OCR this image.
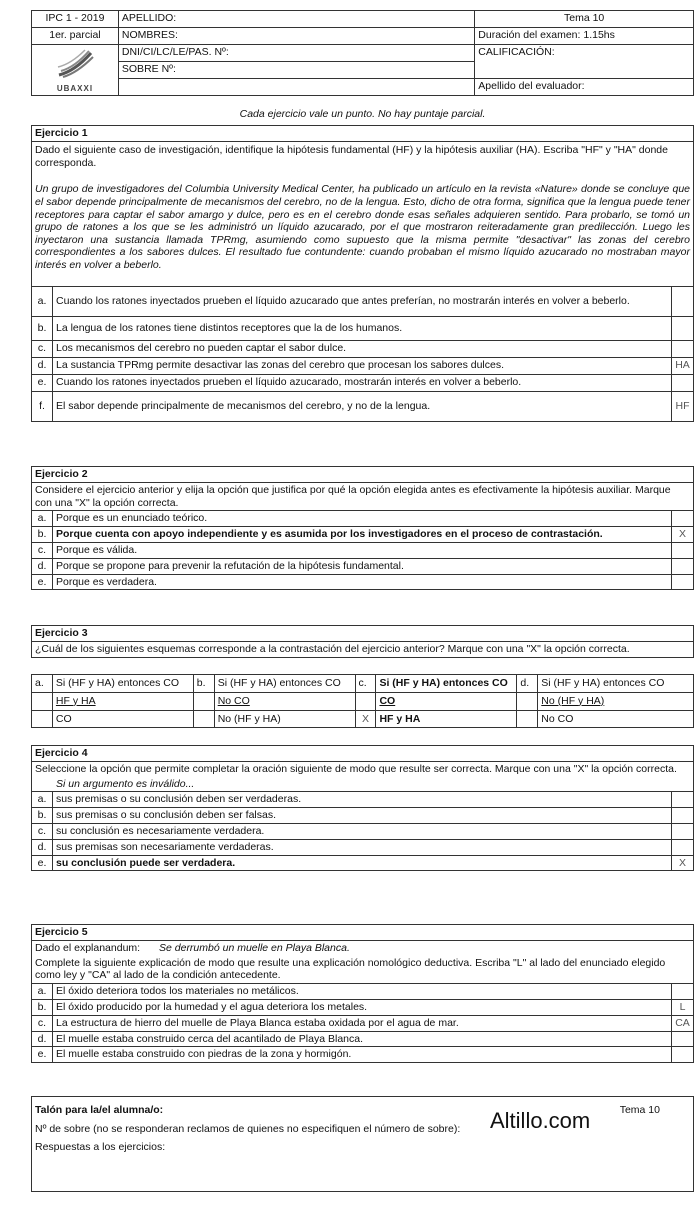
IPC 1 - 2019	APELLIDO:	Tema 10
1er. parcial	NOMBRES:	Duración del examen: 1.15hs

UBAXXI	DNI/CI/LC/LE/PAS. Nº:	CALIFICACIÓN:
	SOBRE Nº:	
		Apellido del evaluador:
Cada ejercicio vale un punto. No hay puntaje parcial.
Ejercicio 1		
Dado el siguiente caso de investigación, identifique la hipótesis fundamental (HF) y la hipótesis auxiliar (HA). Escriba "HF" y "HA" donde corresponda.		
Un grupo de investigadores del Columbia University Medical Center, ha publicado un artículo en la revista «Nature» donde se concluye que el sabor depende principalmente de mecanismos del cerebro, no de la lengua. Esto, dicho de otra forma, significa que la lengua puede tener receptores para captar el sabor amargo y dulce, pero es en el cerebro donde esas señales adquieren sentido. Para probarlo, se tomó un grupo de ratones a los que se les administró un líquido azucarado, por el que mostraron reiteradamente gran predilección. Luego les inyectaron una sustancia llamada TPRmg, asumiendo como supuesto que la misma permite "desactivar" las zonas del cerebro correspondientes a los sabores dulces. El resultado fue contundente: cuando probaban el mismo líquido azucarado no mostraban mayor interés en volver a beberlo.		
a.	Cuando los ratones inyectados prueben el líquido azucarado que antes preferían, no mostrarán interés en volver a beberlo.	
b.	La lengua de los ratones tiene distintos receptores que la de los humanos.	
c.	Los mecanismos del cerebro no pueden captar el sabor dulce.	
d.	La sustancia TPRmg permite desactivar las zonas del cerebro que procesan los sabores dulces.	HA
e.	Cuando los ratones inyectados prueben el líquido azucarado, mostrarán interés en volver a beberlo.	
f.	El sabor depende principalmente de mecanismos del cerebro, y no de la lengua.	HF
Ejercicio 2		
Considere el ejercicio anterior y elija la opción que justifica por qué la opción elegida antes es efectivamente la hipótesis auxiliar. Marque con una "X" la opción correcta.		
a.	Porque es un enunciado teórico.	
b.	Porque cuenta con apoyo independiente y es asumida por los investigadores en el proceso de contrastación.	X
c.	Porque es válida.	
d.	Porque se propone para prevenir la refutación de la hipótesis fundamental.	
e.	Porque es verdadera.	
Ejercicio 3
¿Cuál de los siguientes esquemas corresponde a la contrastación del ejercicio anterior? Marque con una "X" la opción correcta.
a.	Si (HF y HA) entonces CO	b.	Si (HF y HA) entonces CO	c.	Si (HF y HA) entonces CO	d.	Si (HF y HA) entonces CO
	HF y HA		No CO		CO		No (HF y HA)
	CO		No (HF y HA)	X	HF y HA		No CO
Ejercicio 4		
Seleccione la opción que permite completar la oración siguiente de modo que resulte ser correcta. Marque con una "X" la opción correcta.		
Si un argumento es inválido...		
a.	sus premisas o su conclusión deben ser verdaderas.	
b.	sus premisas o su conclusión deben ser falsas.	
c.	su conclusión es necesariamente verdadera.	
d.	sus premisas son necesariamente verdaderas.	
e.	su conclusión puede ser verdadera.	X
Ejercicio 5		
Dado el explanandum: Se derrumbó un muelle en Playa Blanca.		
Complete la siguiente explicación de modo que resulte una explicación nomológico deductiva. Escriba "L" al lado del enunciado elegido como ley y "CA" al lado de la condición antecedente.		
a.	El óxido deteriora todos los materiales no metálicos.	
b.	El óxido producido por la humedad y el agua deteriora los metales.	L
c.	La estructura de hierro del muelle de Playa Blanca estaba oxidada por el agua de mar.	CA
d.	El muelle estaba construido cerca del acantilado de Playa Blanca.	
e.	El muelle estaba construido con piedras de la zona y hormigón.	
Talón para la/el alumna/o:	Tema 10
Nº de sobre (no se responderan reclamos de quienes no especifiquen el número de sobre):
Respuestas a los ejercicios:
Altillo.com
